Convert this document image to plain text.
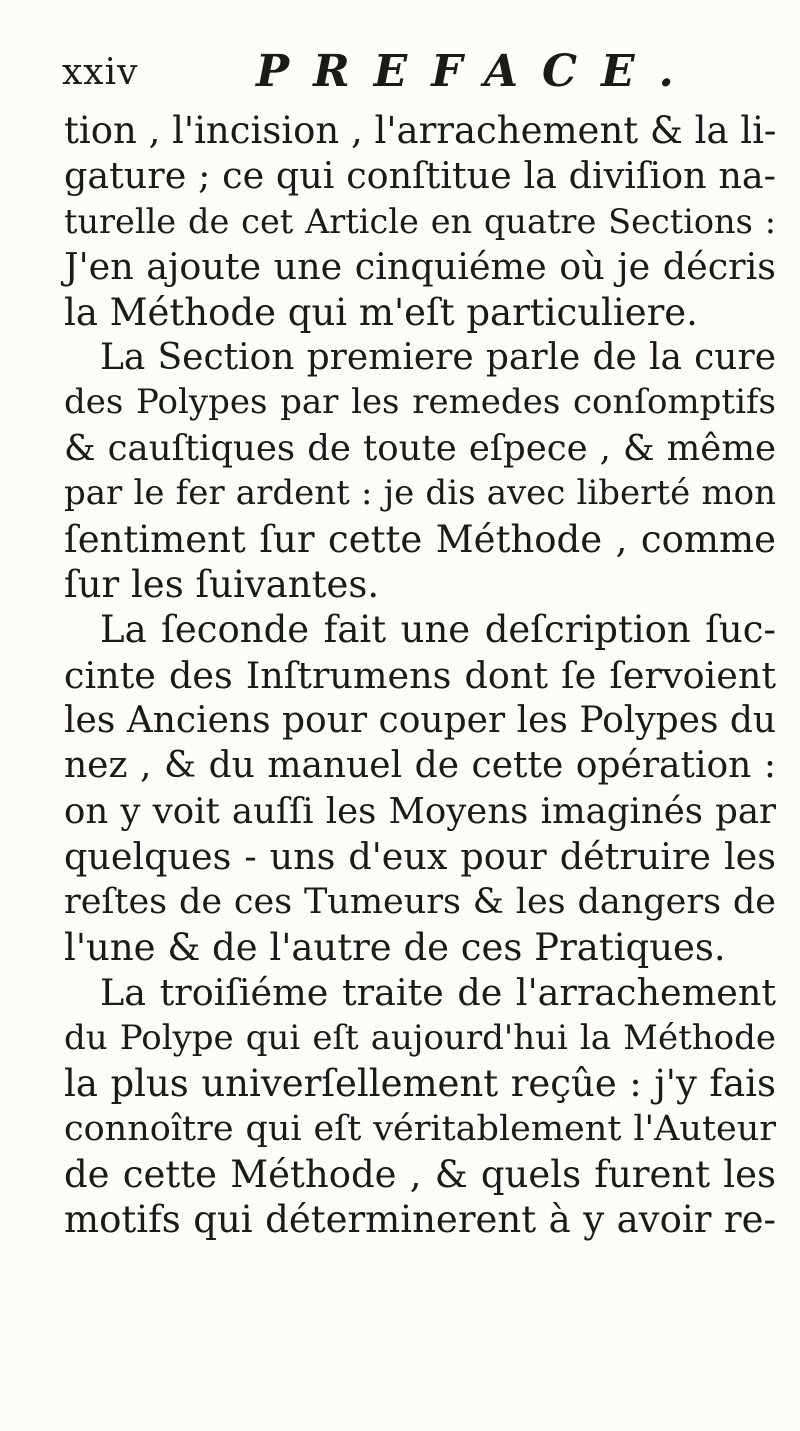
xxiv	PREFACE.
tion , l'incision , l'arrachement & la li-
gature ; ce qui conſtitue la diviſion na-
turelle de cet Article en quatre Sections :
J'en ajoute une cinquiéme où je décris
la Méthode qui m'eſt particuliere.
La Section premiere parle de la cure
des Polypes par les remedes conſomptifs
& cauſtiques de toute eſpece , & même
par le fer ardent : je dis avec liberté mon
ſentiment ſur cette Méthode , comme
ſur les ſuivantes.
La ſeconde fait une deſcription ſuc-
cinte des Inſtrumens dont ſe ſervoient
les Anciens pour couper les Polypes du
nez , & du manuel de cette opération :
on y voit auſſi les Moyens imaginés par
quelques - uns d'eux pour détruire les
reſtes de ces Tumeurs & les dangers de
l'une & de l'autre de ces Pratiques.
La troiſiéme traite de l'arrachement
du Polype qui eſt aujourd'hui la Méthode
la plus univerſellement reçûe : j'y fais
connoître qui eſt véritablement l'Auteur
de cette Méthode , & quels furent les
motifs qui déterminerent à y avoir re-
